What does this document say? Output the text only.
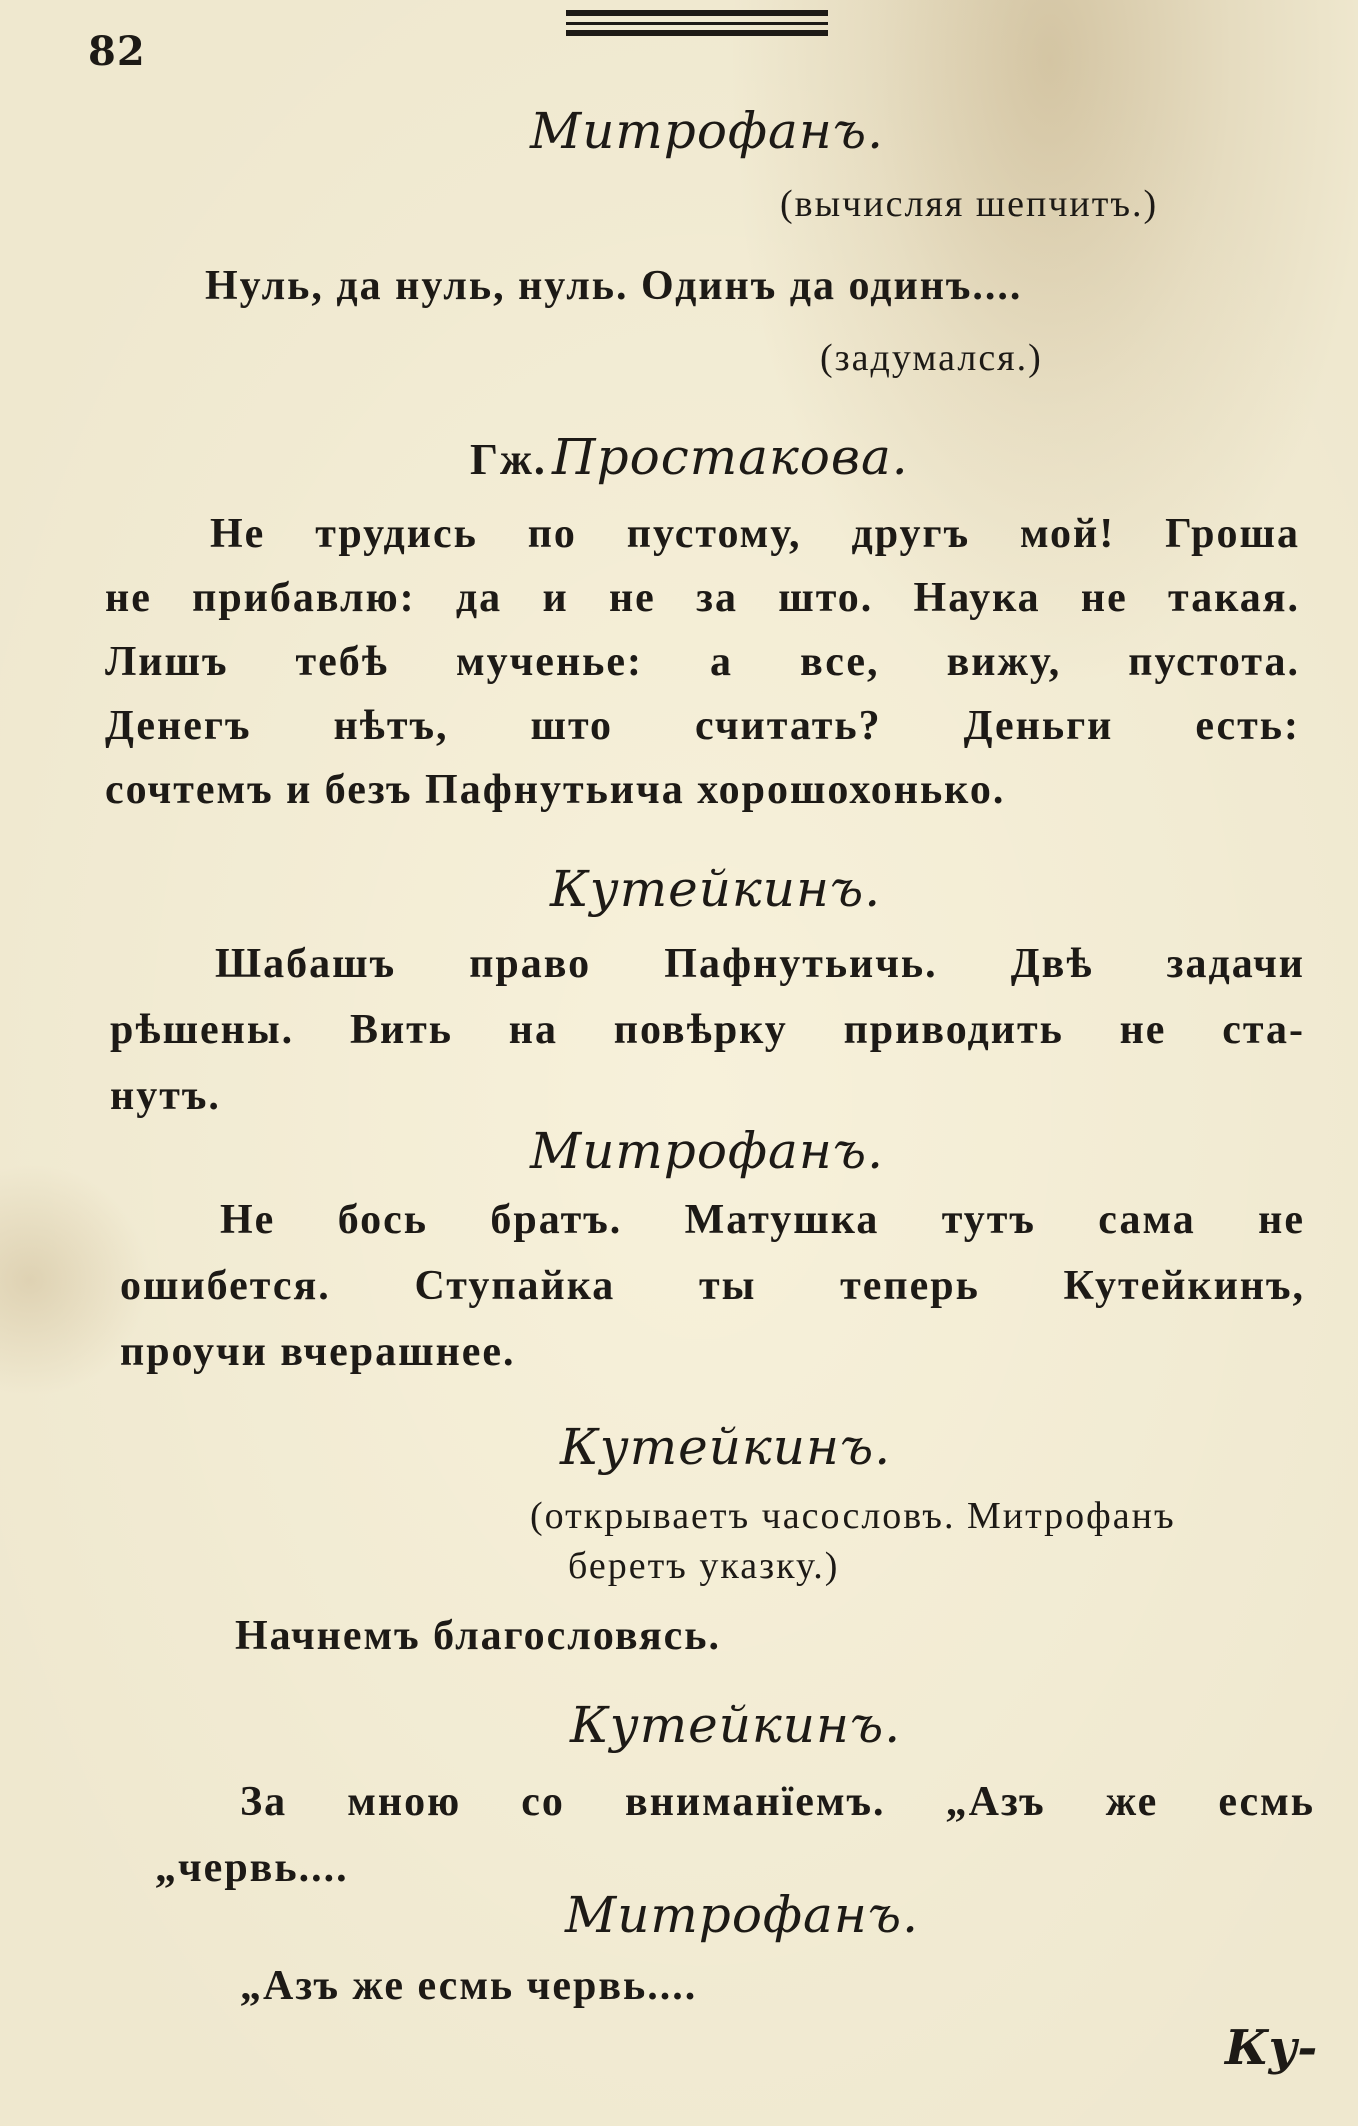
82
Митрофанъ.
(вычисляя шепчитъ.)
Нуль, да нуль, нуль. Одинъ да одинъ....
(задумался.)
Гж. Простакова.
Не трудись по пустому, другъ мой! Гроша
не прибавлю: да и не за што. Наука не такая.
Лишъ тебѣ мученье: а все, вижу, пустота.
Денегъ нѣтъ, што считать? Деньги есть:
сочтемъ и безъ Пафнутьича хорошохонько.
Кутейкинъ.
Шабашъ право Пафнутьичь. Двѣ задачи
рѣшены. Вить на повѣрку приводить не ста-
нутъ.
Митрофанъ.
Не бось братъ. Матушка тутъ сама не
ошибется. Ступайка ты теперь Кутейкинъ,
проучи вчерашнее.
Кутейкинъ.
(открываетъ часословъ. Митрофанъ
беретъ указку.)
Начнемъ благословясь.
Кутейкинъ.
За мною со вниманїемъ. „Азъ же есмь
„червь....
Митрофанъ.
„Азъ же есмь червь....
Ку-
